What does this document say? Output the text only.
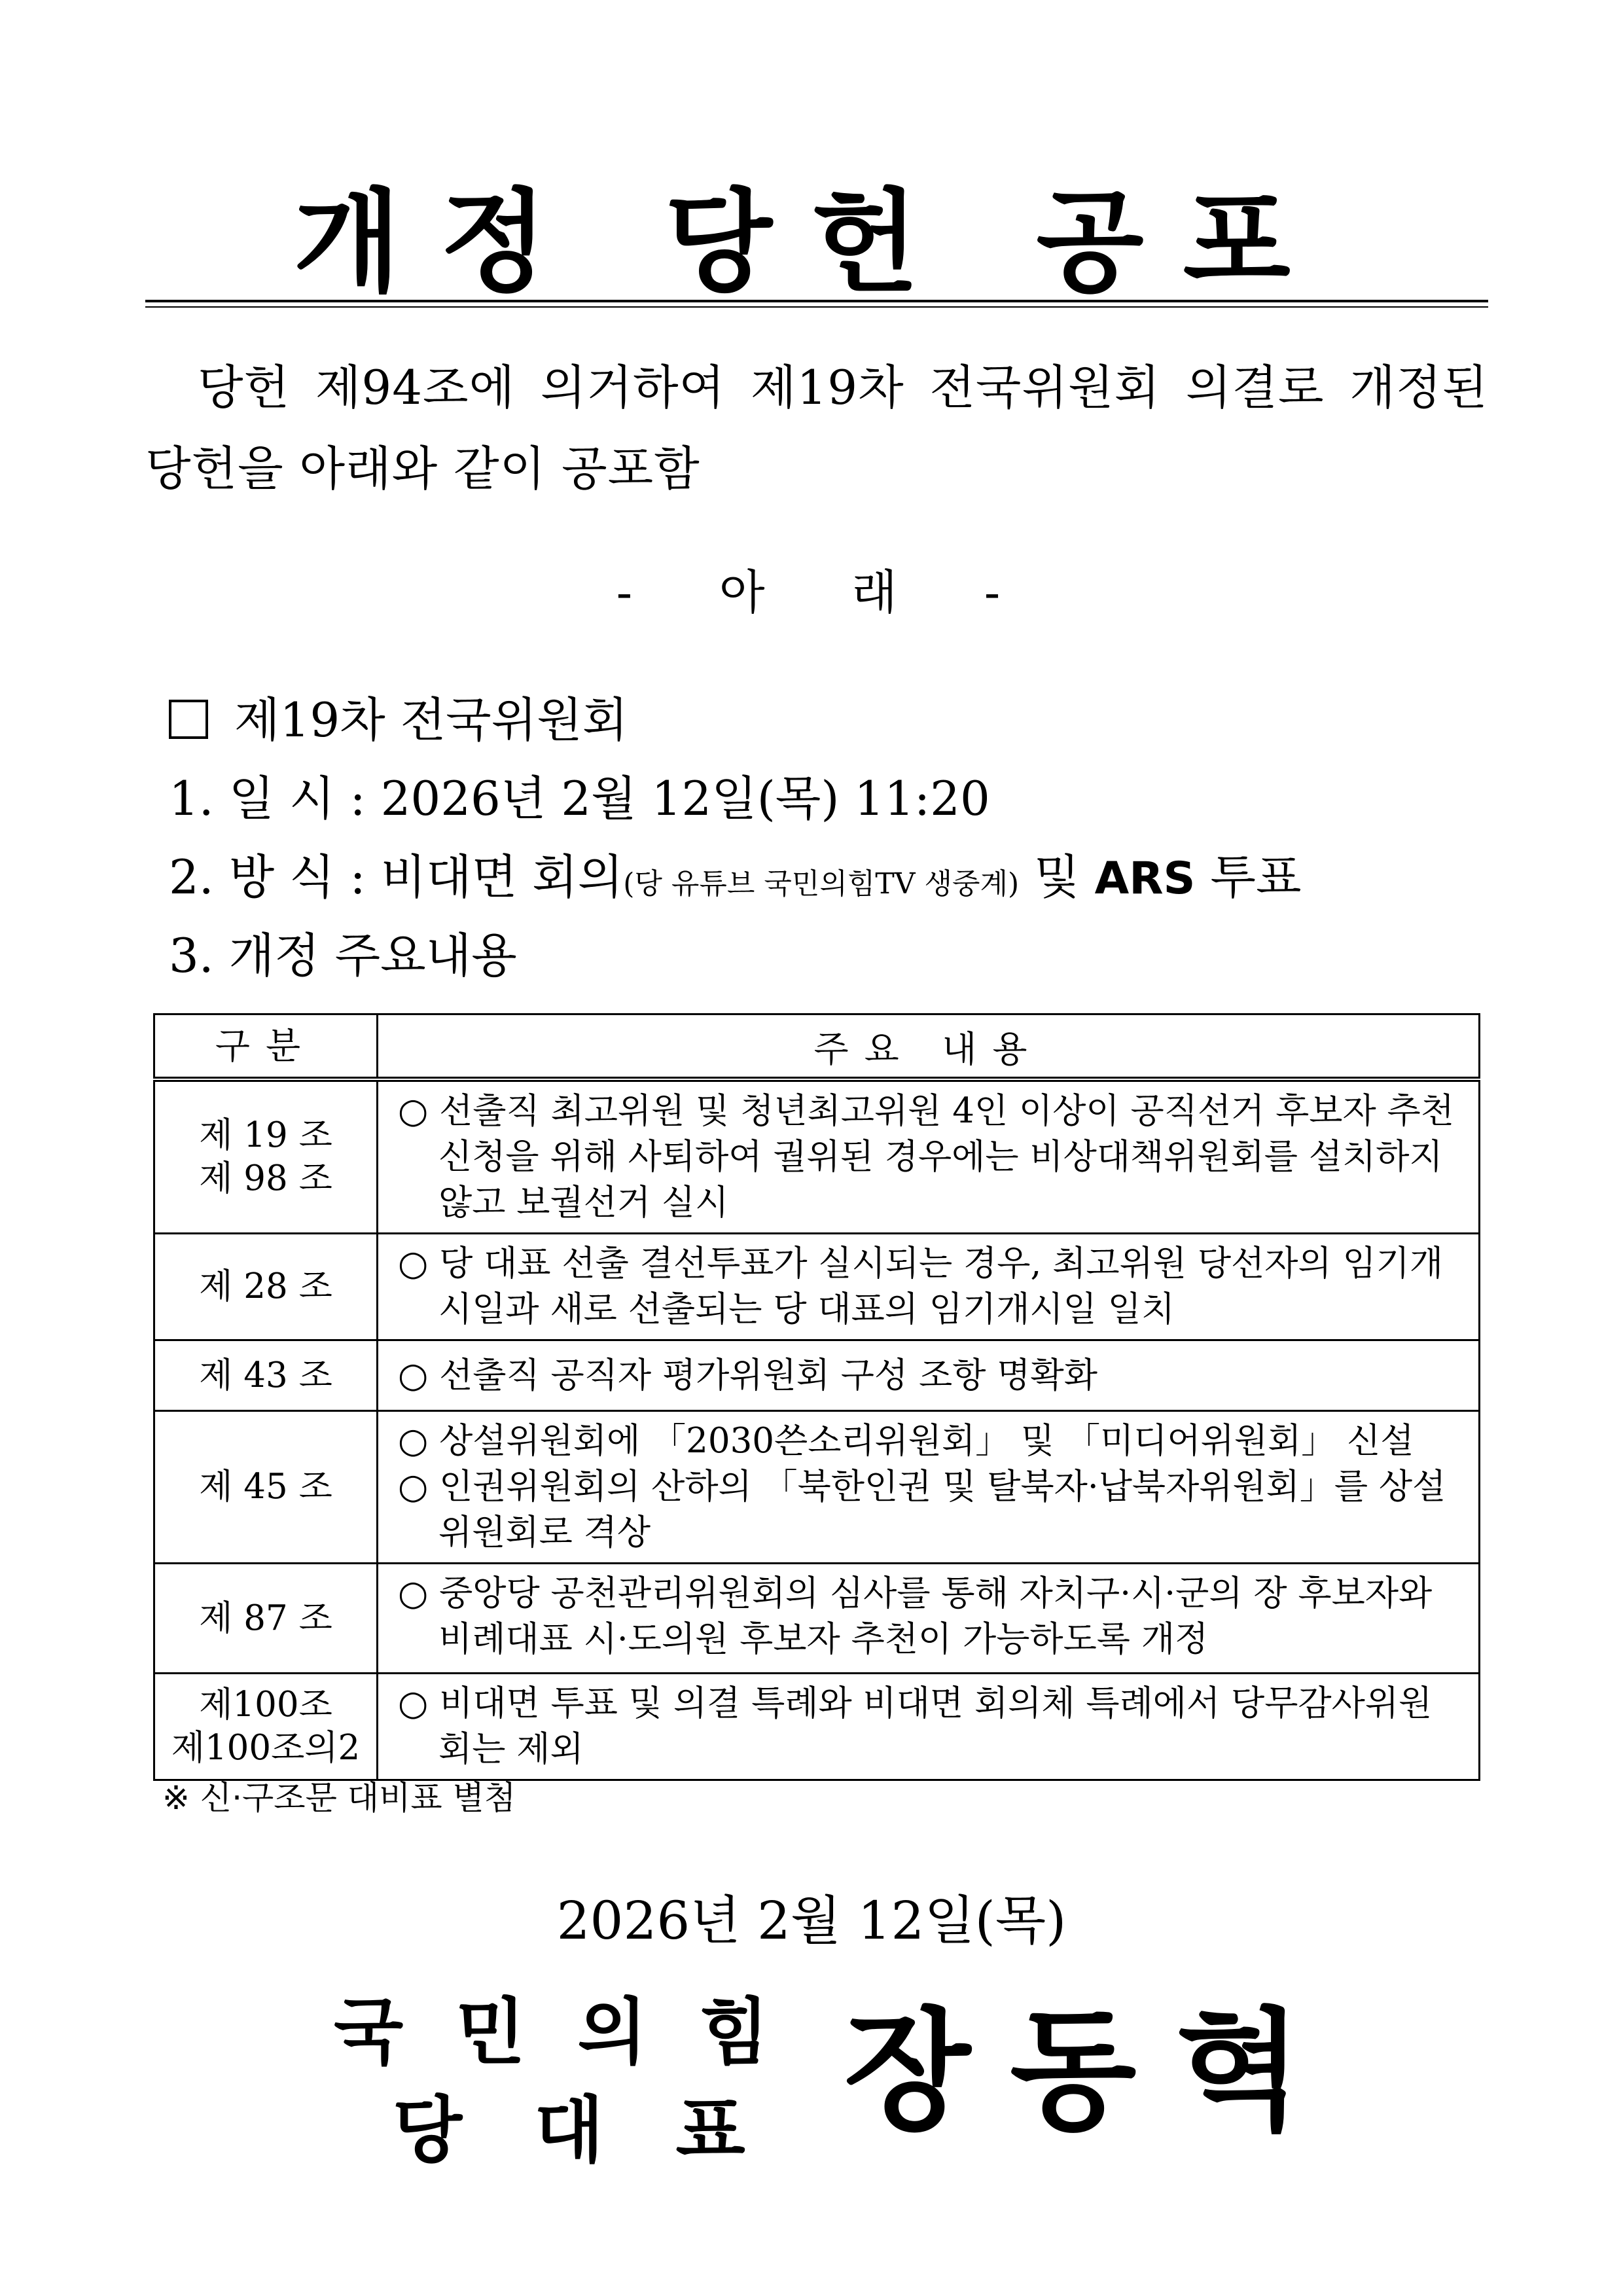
개정 당헌 공포
당헌 제94조에 의거하여 제19차 전국위원회 의결로 개정된 당헌을 아래와 같이 공포함
- 아 래 -
제19차 전국위원회
1. 일 시 : 2026년 2월 12일(목) 11:20
2. 방 식 : 비대면 회의(당 유튜브 국민의힘TV 생중계) 및 ARS 투표
3. 개정 주요내용
구분	주요 내용

제 19 조
제 98 조	○ 선출직 최고위원 및 청년최고위원 4인 이상이 공직선거 후보자 추천 신청을 위해 사퇴하여 궐위된 경우에는 비상대책위원회를 설치하지 않고 보궐선거 실시

제 28 조	○ 당 대표 선출 결선투표가 실시되는 경우, 최고위원 당선자의 임기개시일과 새로 선출되는 당 대표의 임기개시일 일치

제 43 조	○ 선출직 공직자 평가위원회 구성 조항 명확화

제 45 조	○ 상설위원회에 「2030쓴소리위원회」 및 「미디어위원회」 신설
○ 인권위원회의 산하의 「북한인권 및 탈북자·납북자위원회」를 상설위원회로 격상

제 87 조	○ 중앙당 공천관리위원회의 심사를 통해 자치구·시·군의 장 후보자와 비례대표 시·도의원 후보자 추천이 가능하도록 개정

제100조
제100조의2	○ 비대면 투표 및 의결 특례와 비대면 회의체 특례에서 당무감사위원회는 제외
※ 신·구조문 대비표 별첨
2026년 2월 12일(목)
국민의힘
당대표 장동혁
